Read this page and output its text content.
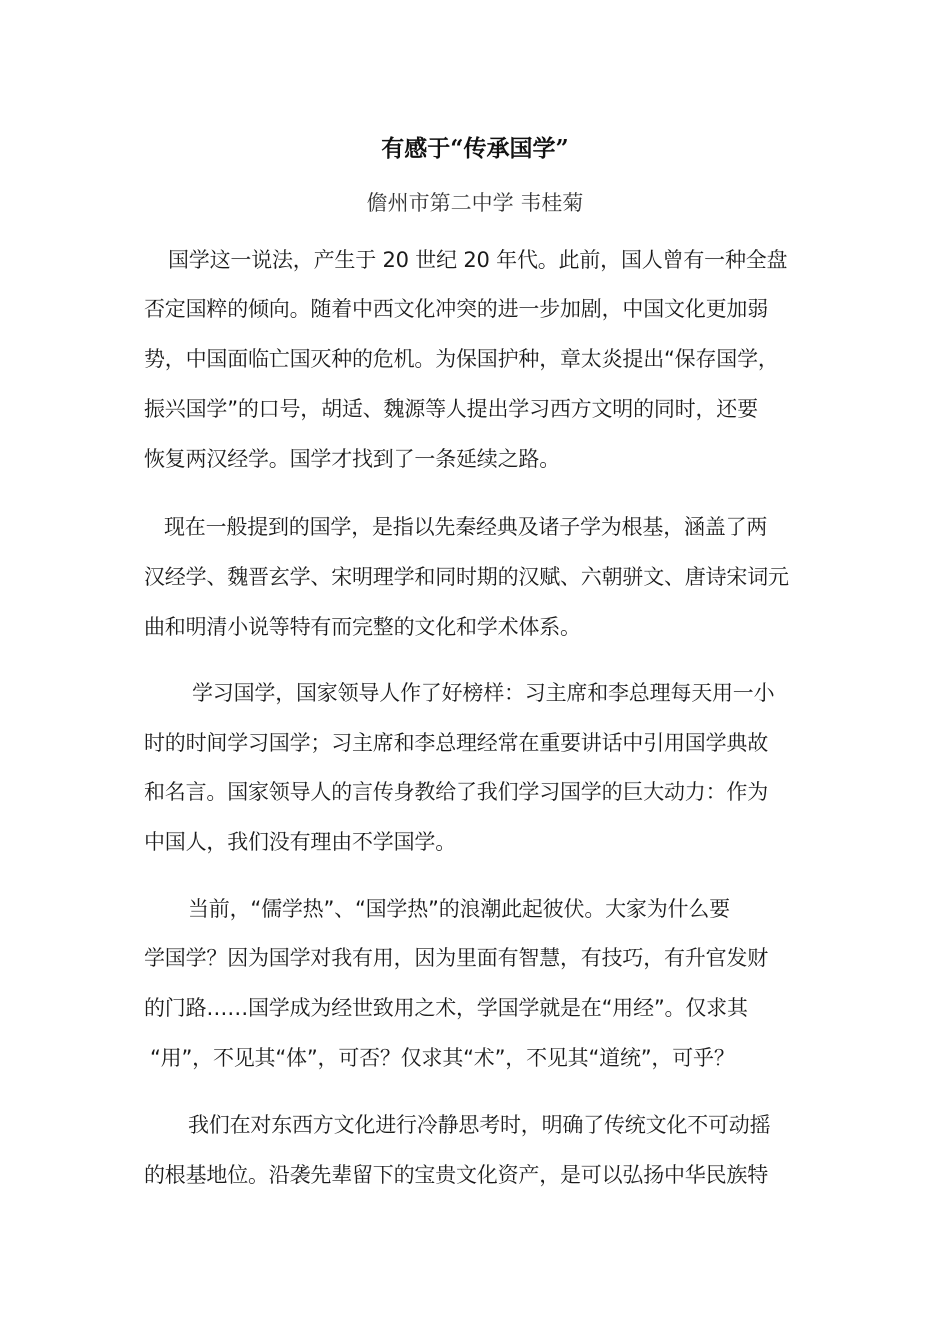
有感于“传承国学”

儋州市第二中学 韦桂菊

国学这一说法，产生于 20 世纪 20 年代。此前，国人曾有一种全盘

否定国粹的倾向。随着中西文化冲突的进一步加剧，中国文化更加弱

势，中国面临亡国灭种的危机。为保国护种，章太炎提出“保存国学，

振兴国学”的口号，胡适、魏源等人提出学习西方文明的同时，还要

恢复两汉经学。国学才找到了一条延续之路。

现在一般提到的国学，是指以先秦经典及诸子学为根基，涵盖了两

汉经学、魏晋玄学、宋明理学和同时期的汉赋、六朝骈文、唐诗宋词元

曲和明清小说等特有而完整的文化和学术体系。

学习国学，国家领导人作了好榜样：习主席和李总理每天用一小

时的时间学习国学；习主席和李总理经常在重要讲话中引用国学典故

和名言。国家领导人的言传身教给了我们学习国学的巨大动力：作为

中国人，我们没有理由不学国学。

当前，“儒学热”、“国学热”的浪潮此起彼伏。大家为什么要

学国学？因为国学对我有用，因为里面有智慧，有技巧，有升官发财

的门路……国学成为经世致用之术，学国学就是在“用经”。仅求其

“用”，不见其“体”，可否？仅求其“术”，不见其“道统”，可乎？

我们在对东西方文化进行冷静思考时，明确了传统文化不可动摇

的根基地位。沿袭先辈留下的宝贵文化资产，是可以弘扬中华民族特
